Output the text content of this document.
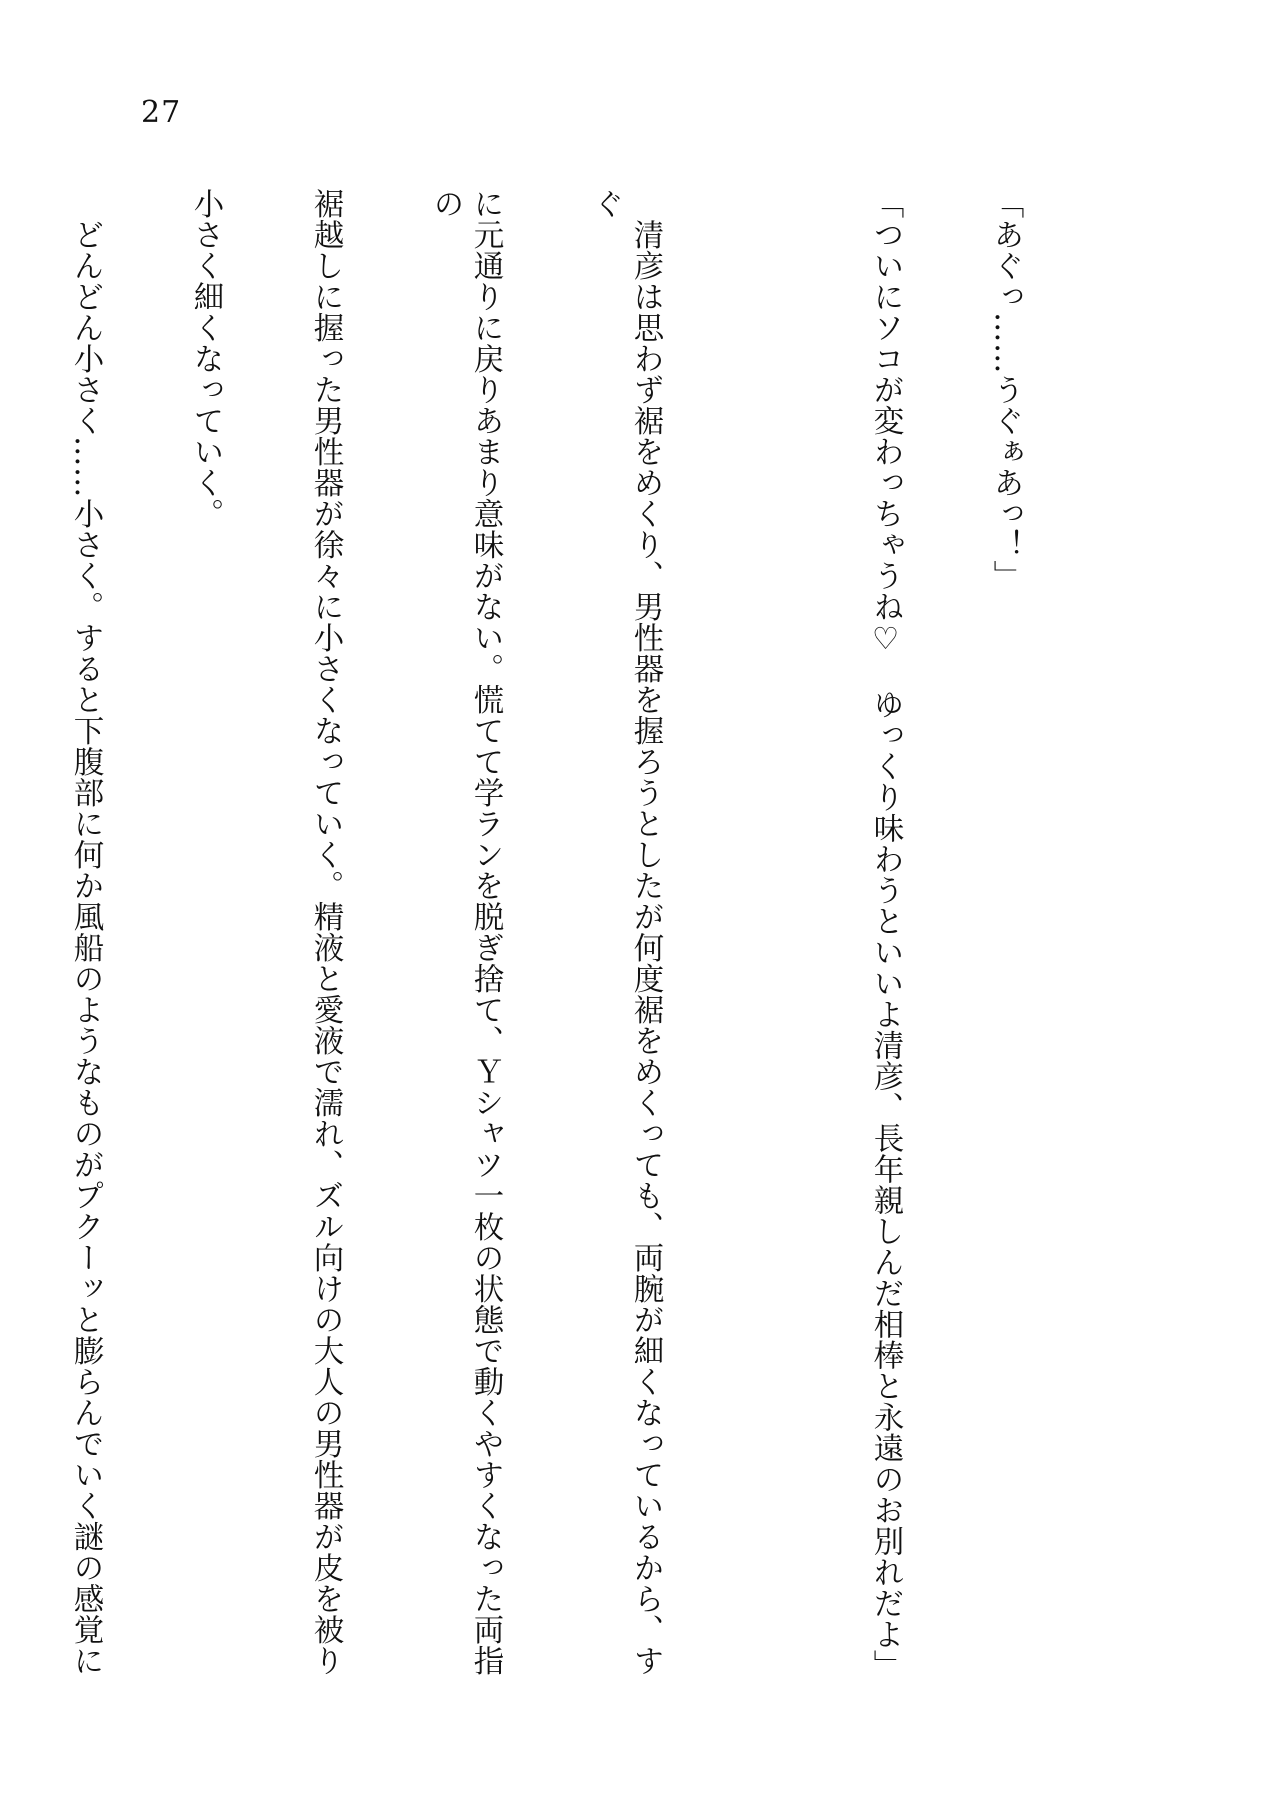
27

「あぐっ……うぐぁあっ！」

「ついにソコが変わっちゃうね♡　ゆっくり味わうといいよ清彦、長年親しんだ相棒と永遠のお別れだよ」

　清彦は思わず裾をめくり、男性器を握ろうとしたが何度裾をめくっても、両腕が細くなっているから、すぐ

に元通りに戻りあまり意味がない。慌てて学ランを脱ぎ捨て、Ｙシャツ一枚の状態で動くやすくなった両指の

裾越しに握った男性器が徐々に小さくなっていく。精液と愛液で濡れ、ズル向けの大人の男性器が皮を被り

小さく細くなっていく。

　どんどん小さく……小さく。すると下腹部に何か風船のようなものがプクーッと膨らんでいく謎の感覚に
